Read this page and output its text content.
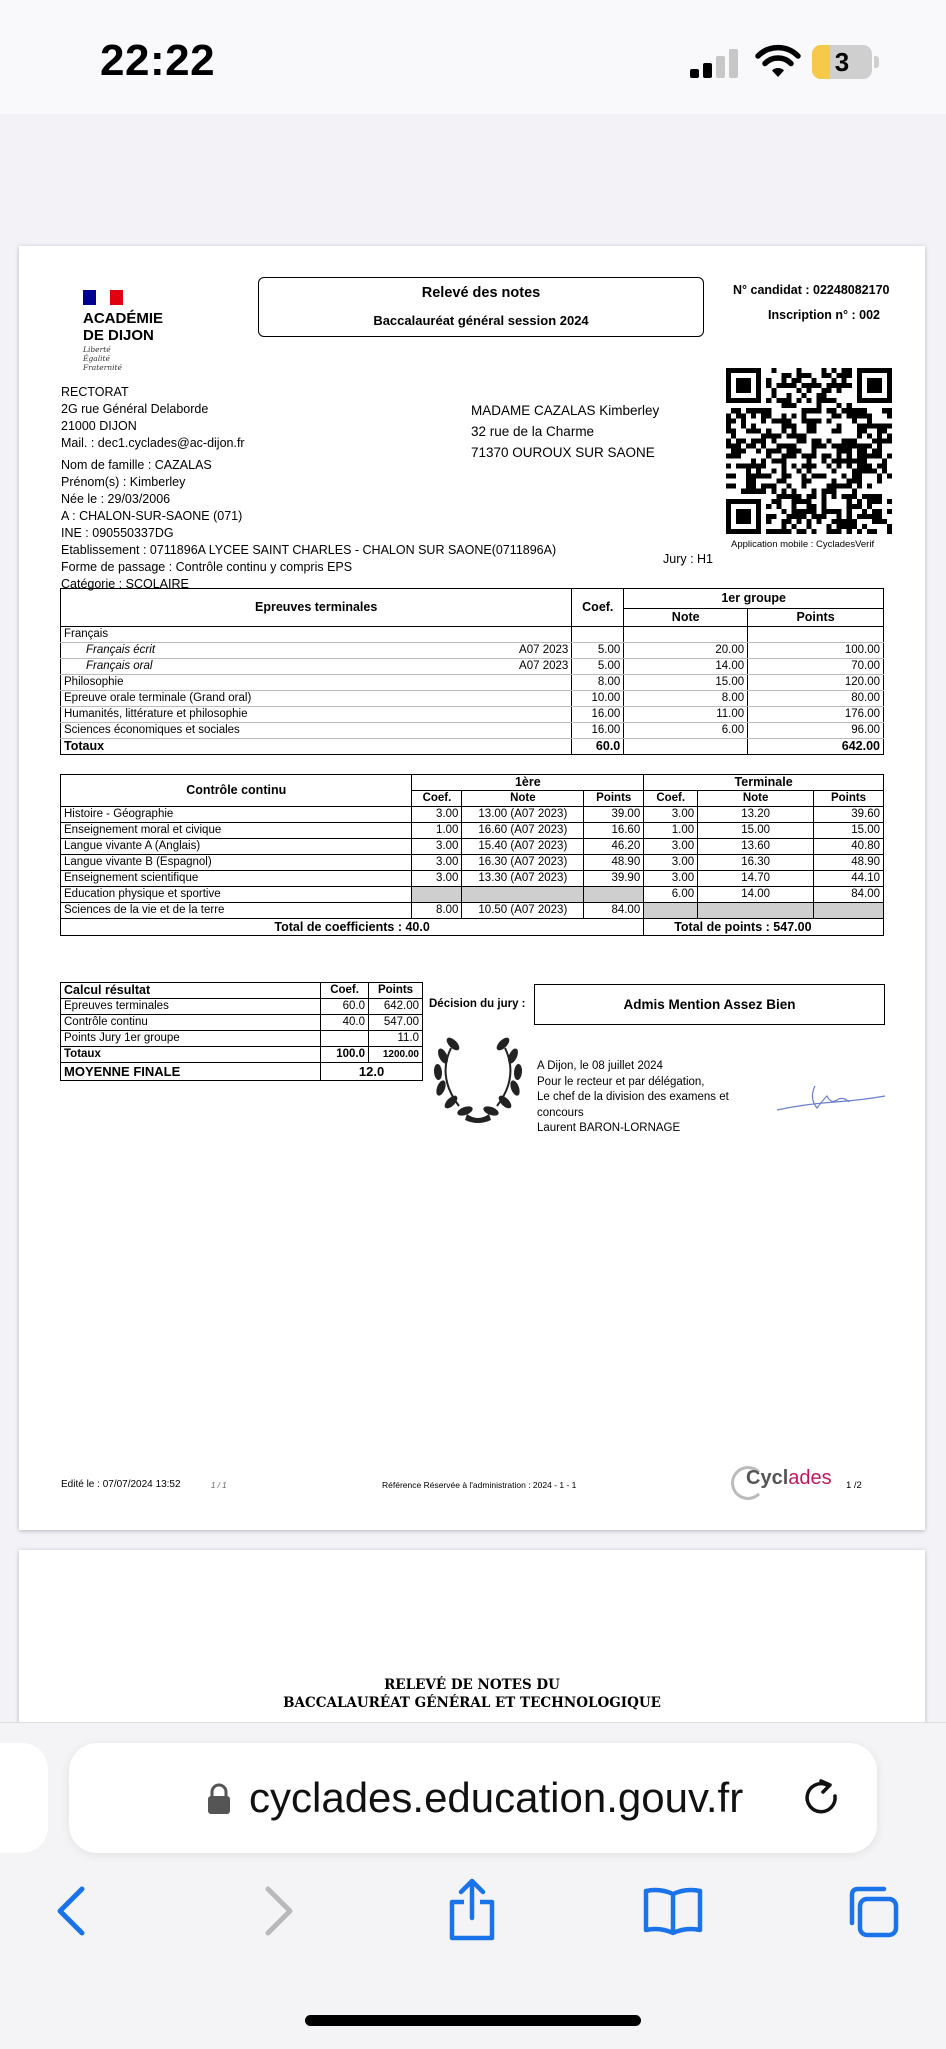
22:22	3
ACADÉMIE
DE DIJON
Liberté
Égalité
Fraternité
Relevé des notes
Baccalauréat général session 2024
N° candidat : 02248082170
Inscription n° : 002
RECTORAT
2G rue Général Delaborde
21000 DIJON
Mail. : dec1.cyclades@ac-dijon.fr
MADAME CAZALAS Kimberley
32 rue de la Charme
71370 OUROUX SUR SAONE
Application mobile : CycladesVerif
Nom de famille : CAZALAS
Prénom(s) : Kimberley
Née le : 29/03/2006
A : CHALON-SUR-SAONE (071)
INE : 090550337DG
Etablissement : 0711896A LYCEE SAINT CHARLES - CHALON SUR SAONE(0711896A)
Forme de passage : Contrôle continu y compris EPS
Catégorie : SCOLAIRE
Jury : H1
Epreuves terminales	Coef.	1er groupe	
		Note	Points
Français

Français écrit A07 2023	5.00	20.00	100.00
Français oral A07 2023	5.00	14.00	70.00
Philosophie	8.00	15.00	120.00
Epreuve orale terminale (Grand oral)	10.00	8.00	80.00
Humanités, littérature et philosophie	16.00	11.00	176.00
Sciences économiques et sociales	16.00	6.00	96.00
Totaux	60.0		642.00
Contrôle continu	1ère			Terminale		
	Coef.	Note	Points	Coef.	Note	Points
Histoire - Géographie	3.00	13.00 (A07 2023)	39.00	3.00	13.20	39.60
Enseignement moral et civique	1.00	16.60 (A07 2023)	16.60	1.00	15.00	15.00
Langue vivante A (Anglais)	3.00	15.40 (A07 2023)	46.20	3.00	13.60	40.80
Langue vivante B (Espagnol)	3.00	16.30 (A07 2023)	48.90	3.00	16.30	48.90
Enseignement scientifique	3.00	13.30 (A07 2023)	39.90	3.00	14.70	44.10
Education physique et sportive				6.00	14.00	84.00
Sciences de la vie et de la terre	8.00	10.50 (A07 2023)	84.00			
Total de coefficients : 40.0				Total de points : 547.00		
Calcul résultat	Coef.	Points
Epreuves terminales	60.0	642.00
Contrôle continu	40.0	547.00
Points Jury 1er groupe		11.0
Totaux	100.0	1200.00
MOYENNE FINALE	12.0	
Décision du jury :	Admis Mention Assez Bien
A Dijon, le 08 juillet 2024
Pour le recteur et par délégation,
Le chef de la division des examens et
concours
Laurent BARON-LORNAGE
Edité le : 07/07/2024 13:52	1 / 1	Référence Réservée à l'administration : 2024 - 1 - 1	Cyclades 1 /2
RELEVÉ DE NOTES DU
BACCALAURÉAT GÉNÉRAL ET TECHNOLOGIQUE
cyclades.education.gouv.fr
